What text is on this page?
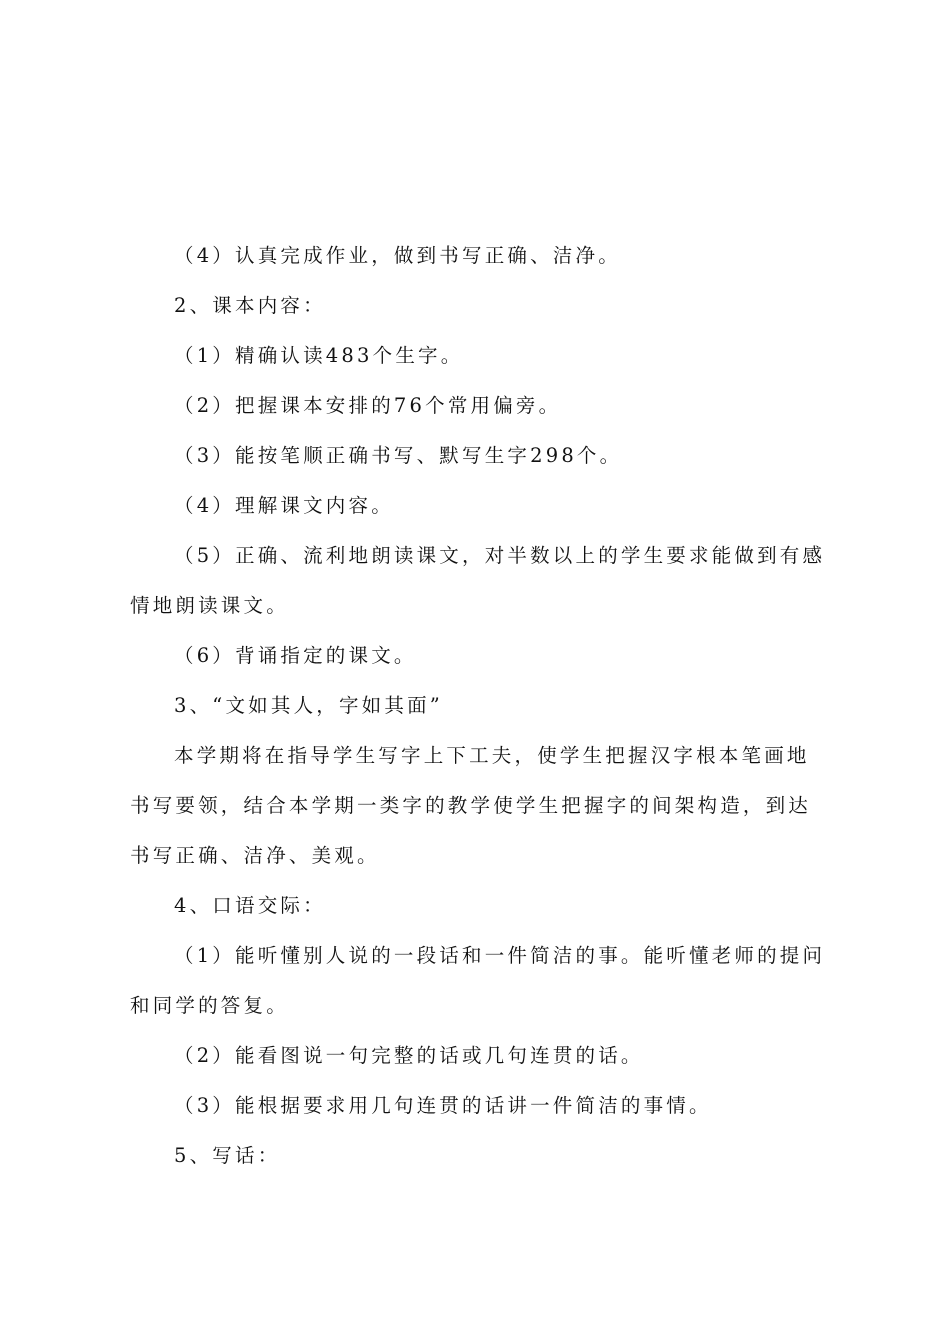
（4）认真完成作业，做到书写正确、洁净。

2、课本内容：

（1）精确认读483个生字。

（2）把握课本安排的76个常用偏旁。

（3）能按笔顺正确书写、默写生字298个。

（4）理解课文内容。

（5）正确、流利地朗读课文，对半数以上的学生要求能做到有感情地朗读课文。

（6）背诵指定的课文。

3、“文如其人，字如其面”

本学期将在指导学生写字上下工夫，使学生把握汉字根本笔画地书写要领，结合本学期一类字的教学使学生把握字的间架构造，到达书写正确、洁净、美观。

4、口语交际：

（1）能听懂别人说的一段话和一件简洁的事。能听懂老师的提问和同学的答复。

（2）能看图说一句完整的话或几句连贯的话。

（3）能根据要求用几句连贯的话讲一件简洁的事情。

5、写话：
